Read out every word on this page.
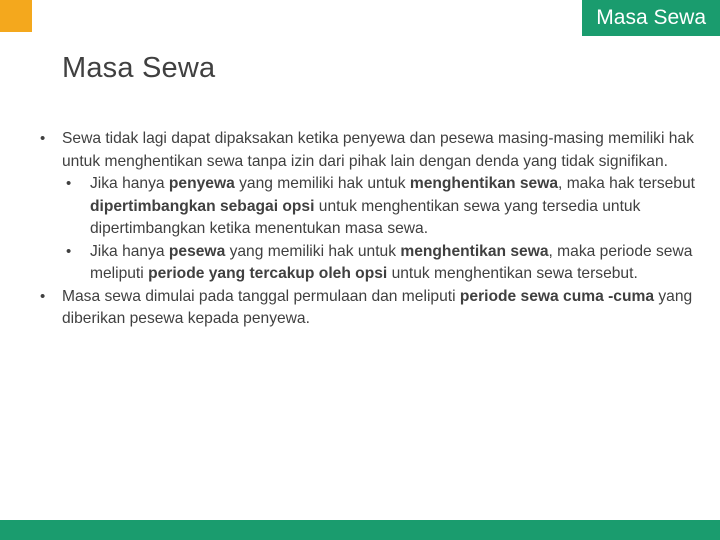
Masa Sewa
Masa Sewa
• Sewa tidak lagi dapat dipaksakan ketika penyewa dan pesewa masing-masing memiliki hak untuk menghentikan sewa tanpa izin dari pihak lain dengan denda yang tidak signifikan.
• Jika hanya penyewa yang memiliki hak untuk menghentikan sewa, maka hak tersebut dipertimbangkan sebagai opsi untuk menghentikan sewa yang tersedia untuk dipertimbangkan ketika menentukan masa sewa.
• Jika hanya pesewa yang memiliki hak untuk menghentikan sewa, maka periode sewa meliputi periode yang tercakup oleh opsi untuk menghentikan sewa tersebut.
• Masa sewa dimulai pada tanggal permulaan dan meliputi periode sewa cuma -cuma yang diberikan pesewa kepada penyewa.
